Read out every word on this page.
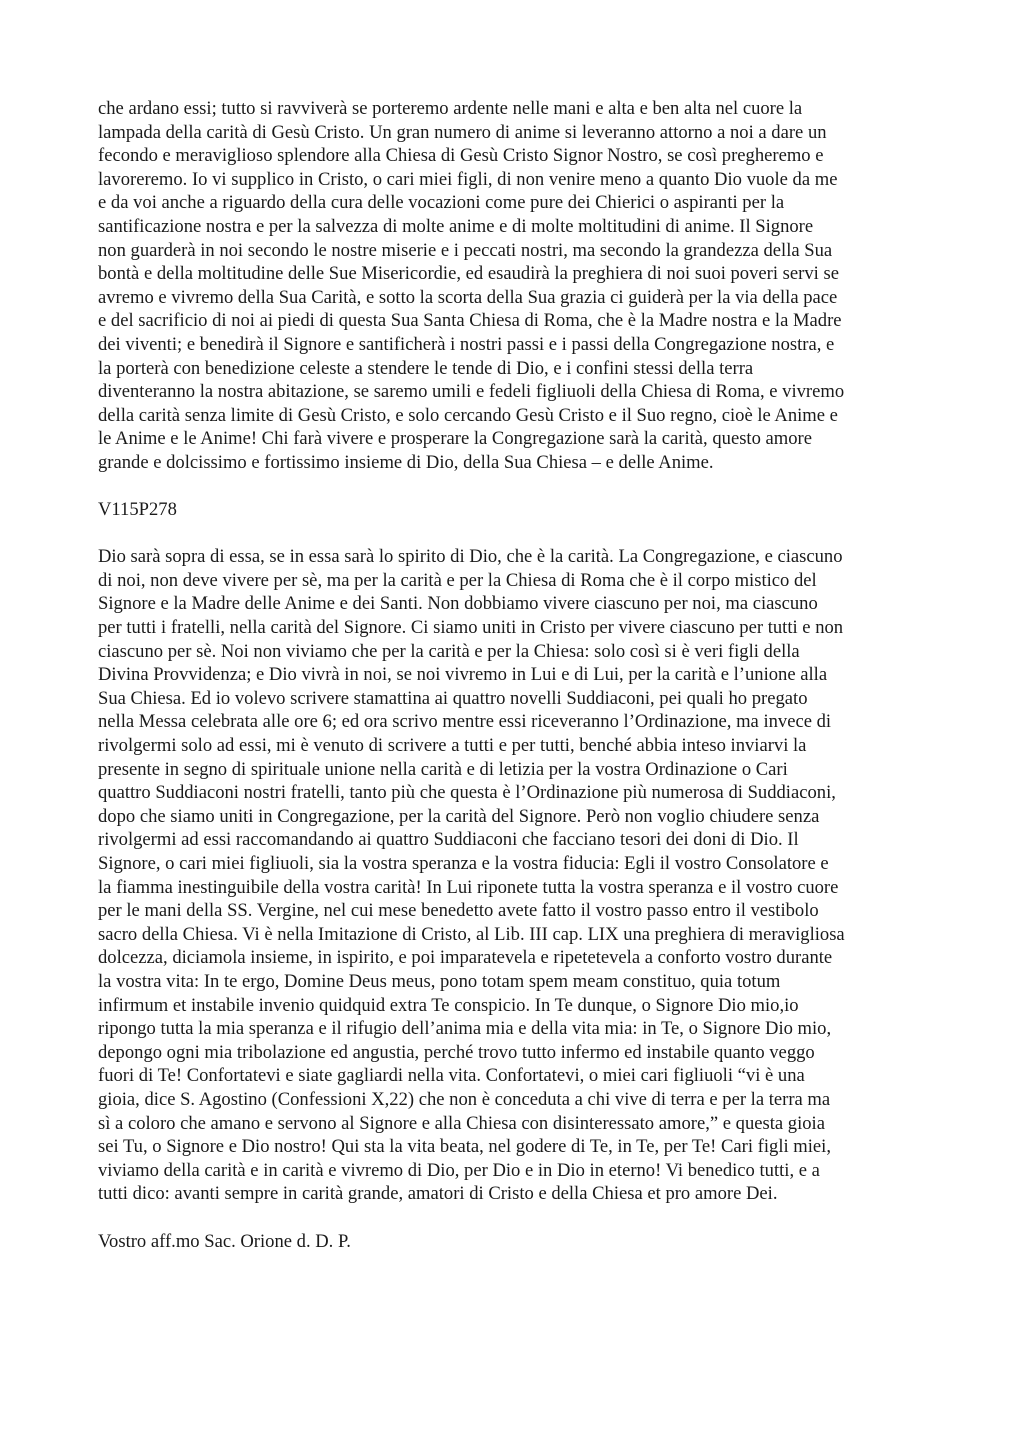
che ardano essi; tutto si ravviverà se porteremo ardente nelle mani e alta e ben alta nel cuore la
lampada della carità di Gesù Cristo. Un gran numero di anime si leveranno attorno a noi a dare un
fecondo e meraviglioso splendore alla Chiesa di Gesù Cristo Signor Nostro, se così pregheremo e
lavoreremo. Io vi supplico in Cristo, o cari miei figli, di non venire meno a quanto Dio vuole da me
e da voi anche a riguardo della cura delle vocazioni come pure dei Chierici o aspiranti per la
santificazione nostra e per la salvezza di molte anime e di molte moltitudini di anime. Il Signore
non guarderà in noi secondo le nostre miserie e i peccati nostri, ma secondo la grandezza della Sua
bontà e della moltitudine delle Sue Misericordie, ed esaudirà la preghiera di noi suoi poveri servi se
avremo e vivremo della Sua Carità, e sotto la scorta della Sua grazia ci guiderà per la via della pace
e del sacrificio di noi ai piedi di questa Sua Santa Chiesa di Roma, che è la Madre nostra e la Madre
dei viventi; e benedirà il Signore e santificherà i nostri passi e i passi della Congregazione nostra, e
la porterà con benedizione celeste a stendere le tende di Dio, e i confini stessi della terra
diventeranno la nostra abitazione, se saremo umili e fedeli figliuoli della Chiesa di Roma, e vivremo
della carità senza limite di Gesù Cristo, e solo cercando Gesù Cristo e il Suo regno, cioè le Anime e
le Anime e le Anime! Chi farà vivere e prosperare la Congregazione sarà la carità, questo amore
grande e dolcissimo e fortissimo insieme di Dio, della Sua Chiesa – e delle Anime.

V115P278

Dio sarà sopra di essa, se in essa sarà lo spirito di Dio, che è la carità. La Congregazione, e ciascuno
di noi, non deve vivere per sè, ma per la carità e per la Chiesa di Roma che è il corpo mistico del
Signore e la Madre delle Anime e dei Santi. Non dobbiamo vivere ciascuno per noi, ma ciascuno
per tutti i fratelli, nella carità del Signore. Ci siamo uniti in Cristo per vivere ciascuno per tutti e non
ciascuno per sè. Noi non viviamo che per la carità e per la Chiesa: solo così si è veri figli della
Divina Provvidenza; e Dio vivrà in noi, se noi vivremo in Lui e di Lui, per la carità e l’unione alla
Sua Chiesa. Ed io volevo scrivere stamattina ai quattro novelli Suddiaconi, pei quali ho pregato
nella Messa celebrata alle ore 6; ed ora scrivo mentre essi riceveranno l’Ordinazione, ma invece di
rivolgermi solo ad essi, mi è venuto di scrivere a tutti e per tutti, benché abbia inteso inviarvi la
presente in segno di spirituale unione nella carità e di letizia per la vostra Ordinazione o Cari
quattro Suddiaconi nostri fratelli, tanto più che questa è l’Ordinazione più numerosa di Suddiaconi,
dopo che siamo uniti in Congregazione, per la carità del Signore. Però non voglio chiudere senza
rivolgermi ad essi raccomandando ai quattro Suddiaconi che facciano tesori dei doni di Dio. Il
Signore, o cari miei figliuoli, sia la vostra speranza e la vostra fiducia: Egli il vostro Consolatore e
la fiamma inestinguibile della vostra carità! In Lui riponete tutta la vostra speranza e il vostro cuore
per le mani della SS. Vergine, nel cui mese benedetto avete fatto il vostro passo entro il vestibolo
sacro della Chiesa. Vi è nella Imitazione di Cristo, al Lib. III cap. LIX una preghiera di meravigliosa
dolcezza, diciamola insieme, in ispirito, e poi imparatevela e ripetetevela a conforto vostro durante
la vostra vita: In te ergo, Domine Deus meus, pono totam spem meam constituo, quia totum
infirmum et instabile invenio quidquid extra Te conspicio. In Te dunque, o Signore Dio mio,io
ripongo tutta la mia speranza e il rifugio dell’anima mia e della vita mia: in Te, o Signore Dio mio,
depongo ogni mia tribolazione ed angustia, perché trovo tutto infermo ed instabile quanto veggo
fuori di Te! Confortatevi e siate gagliardi nella vita. Confortatevi, o miei cari figliuoli “vi è una
gioia, dice S. Agostino (Confessioni X,22) che non è conceduta a chi vive di terra e per la terra ma
sì a coloro che amano e servono al Signore e alla Chiesa con disinteressato amore,” e questa gioia
sei Tu, o Signore e Dio nostro! Qui sta la vita beata, nel godere di Te, in Te, per Te! Cari figli miei,
viviamo della carità e in carità e vivremo di Dio, per Dio e in Dio in eterno! Vi benedico tutti, e a
tutti dico: avanti sempre in carità grande, amatori di Cristo e della Chiesa et pro amore Dei.

Vostro aff.mo Sac. Orione d. D. P.
